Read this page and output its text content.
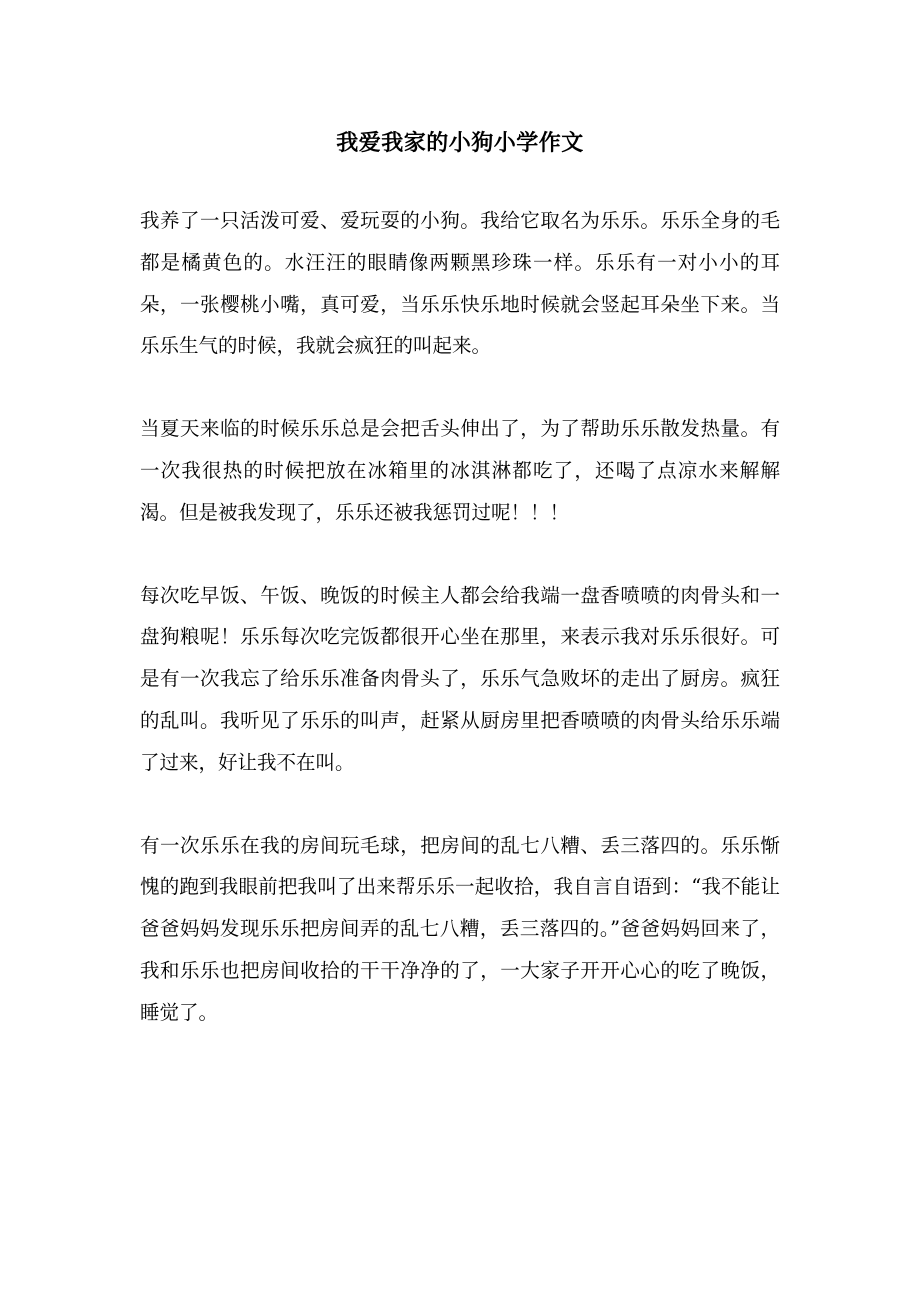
我爱我家的小狗小学作文

我养了一只活泼可爱、爱玩耍的小狗。我给它取名为乐乐。乐乐全身的毛都是橘黄色的。水汪汪的眼睛像两颗黑珍珠一样。乐乐有一对小小的耳朵，一张樱桃小嘴，真可爱，当乐乐快乐地时候就会竖起耳朵坐下来。当乐乐生气的时候，我就会疯狂的叫起来。

当夏天来临的时候乐乐总是会把舌头伸出了，为了帮助乐乐散发热量。有一次我很热的时候把放在冰箱里的冰淇淋都吃了，还喝了点凉水来解解渴。但是被我发现了，乐乐还被我惩罚过呢！！！

每次吃早饭、午饭、晚饭的时候主人都会给我端一盘香喷喷的肉骨头和一盘狗粮呢！乐乐每次吃完饭都很开心坐在那里，来表示我对乐乐很好。可是有一次我忘了给乐乐准备肉骨头了，乐乐气急败坏的走出了厨房。疯狂的乱叫。我听见了乐乐的叫声，赶紧从厨房里把香喷喷的肉骨头给乐乐端了过来，好让我不在叫。

有一次乐乐在我的房间玩毛球，把房间的乱七八糟、丢三落四的。乐乐惭愧的跑到我眼前把我叫了出来帮乐乐一起收拾，我自言自语到：“我不能让爸爸妈妈发现乐乐把房间弄的乱七八糟，丢三落四的。”爸爸妈妈回来了，我和乐乐也把房间收拾的干干净净的了，一大家子开开心心的吃了晚饭，睡觉了。
